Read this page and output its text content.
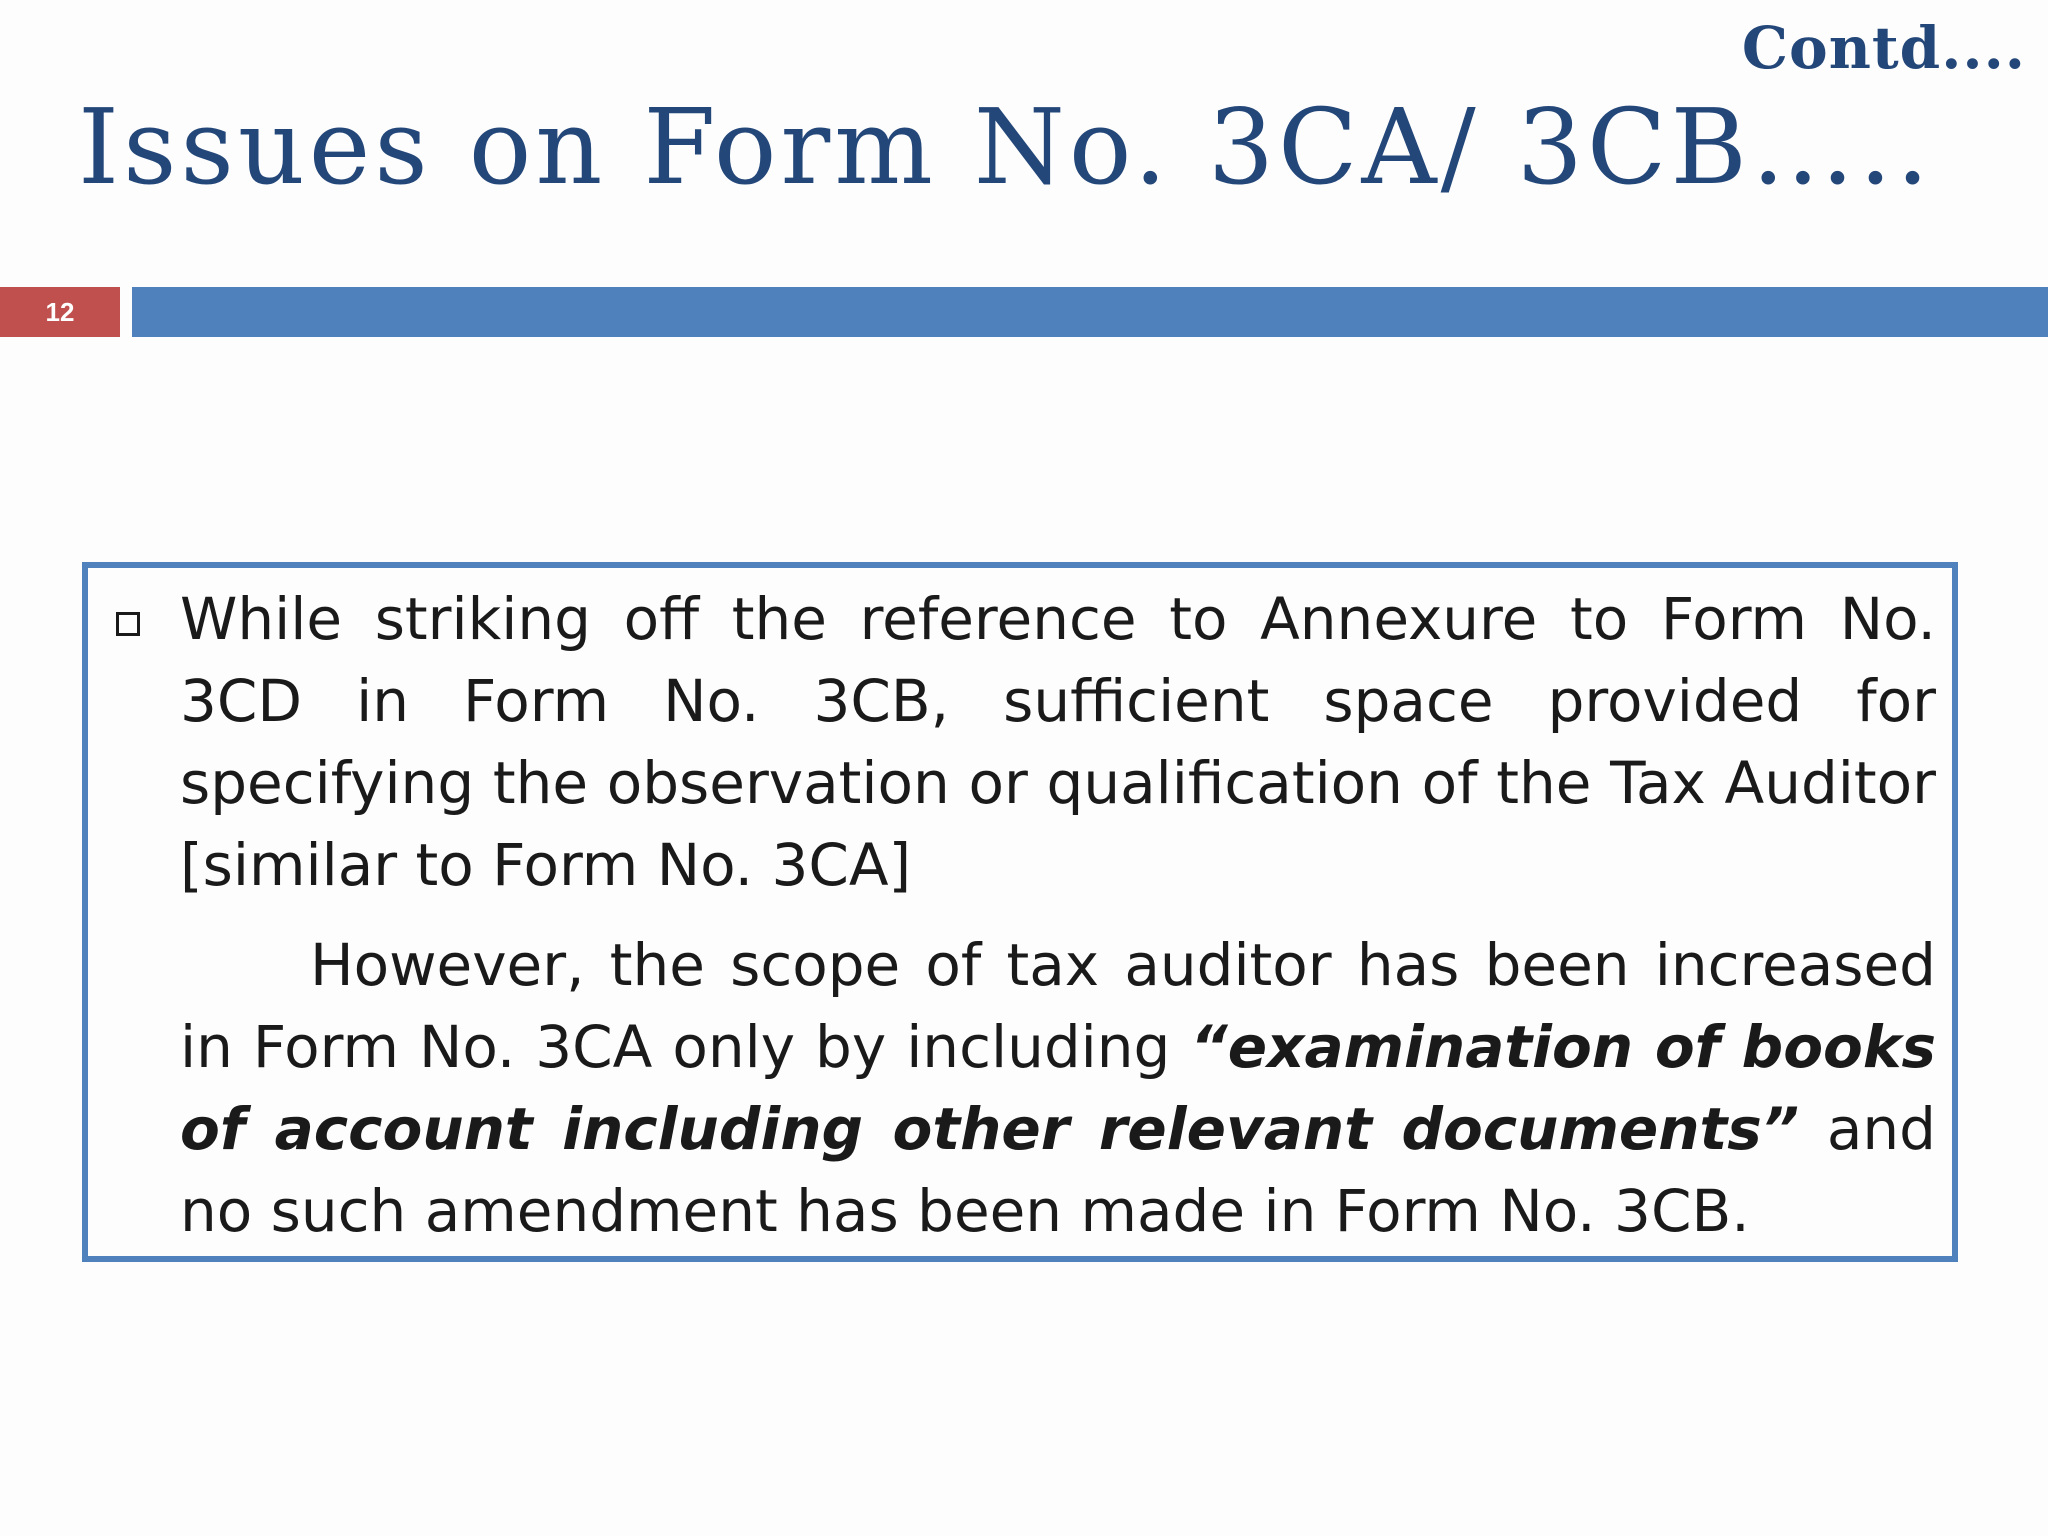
Contd....
Issues on Form No. 3CA/ 3CB…..
12

While striking off the reference to Annexure to Form No. 3CD in Form No. 3CB, sufficient space provided for specifying the observation or qualification of the Tax Auditor [similar to Form No. 3CA]

However, the scope of tax auditor has been increased in Form No. 3CA only by including “examination of books of account including other relevant documents” and no such amendment has been made in Form No. 3CB.
